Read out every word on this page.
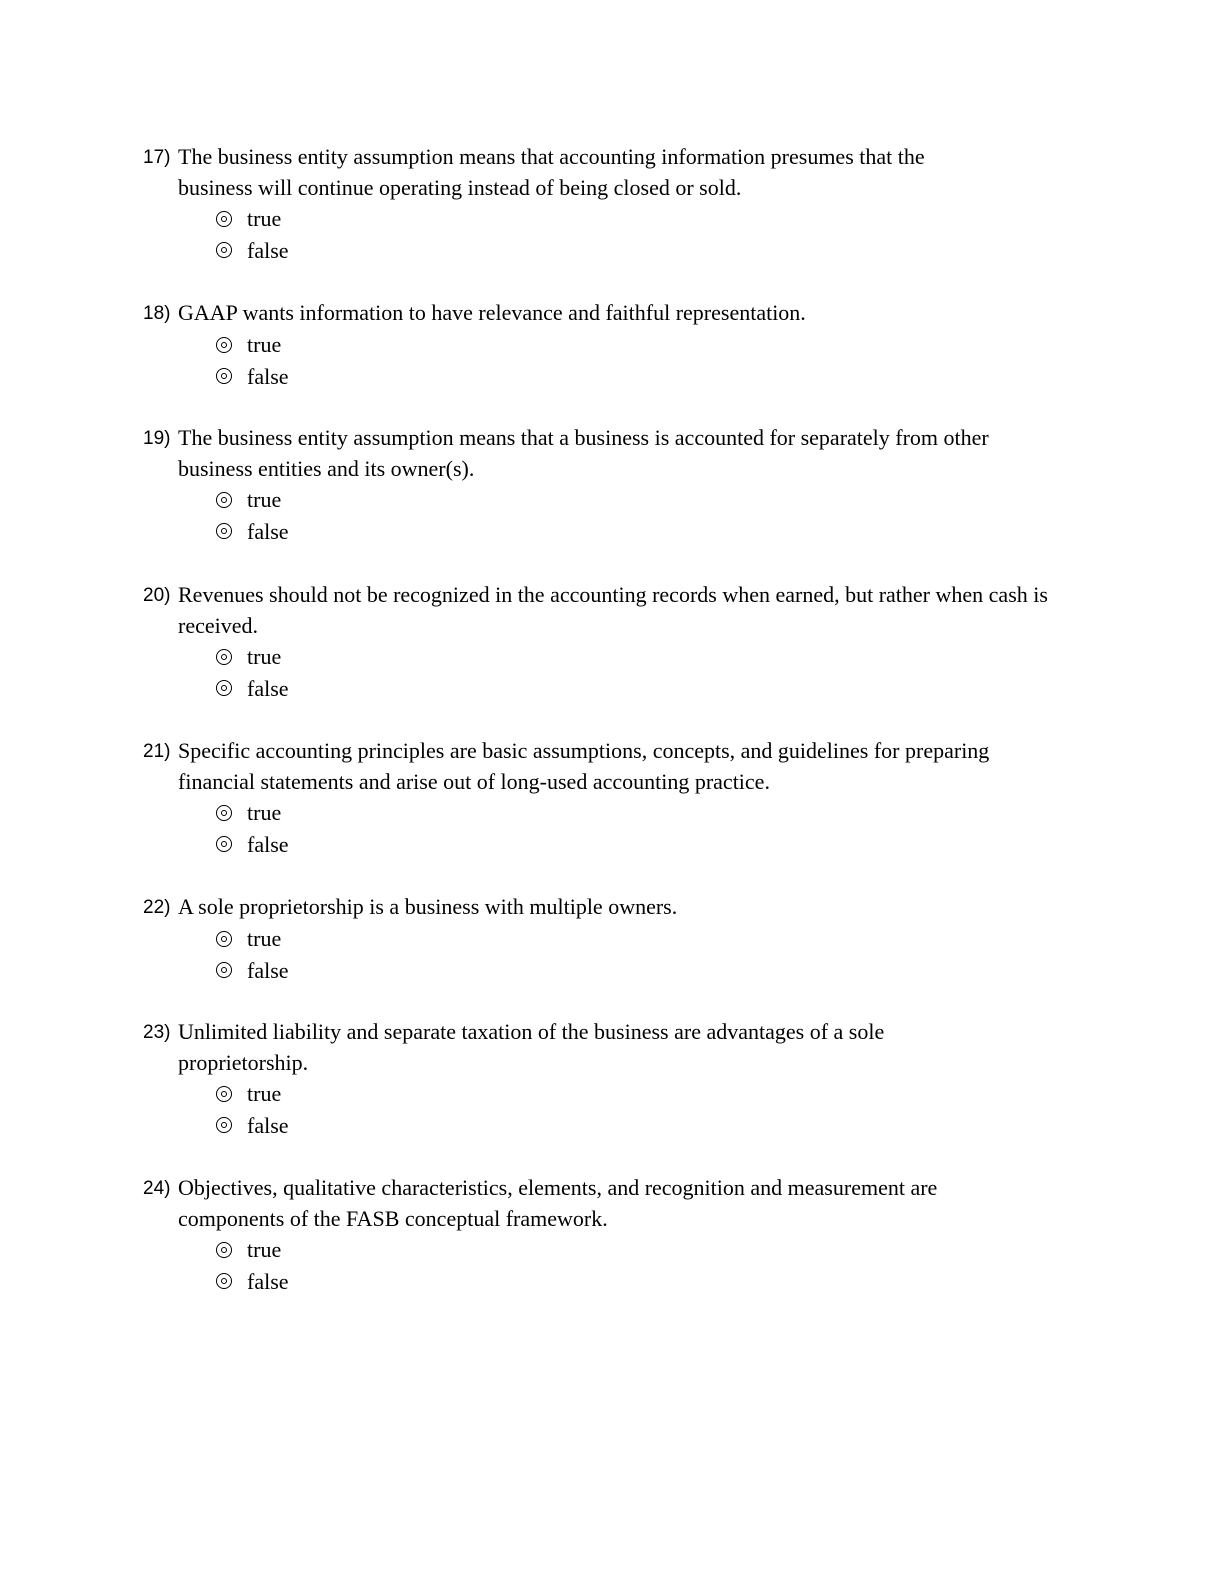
17) The business entity assumption means that accounting information presumes that the business will continue operating instead of being closed or sold.
true
false
18) GAAP wants information to have relevance and faithful representation.
true
false
19) The business entity assumption means that a business is accounted for separately from other business entities and its owner(s).
true
false
20) Revenues should not be recognized in the accounting records when earned, but rather when cash is received.
true
false
21) Specific accounting principles are basic assumptions, concepts, and guidelines for preparing financial statements and arise out of long-used accounting practice.
true
false
22) A sole proprietorship is a business with multiple owners.
true
false
23) Unlimited liability and separate taxation of the business are advantages of a sole proprietorship.
true
false
24) Objectives, qualitative characteristics, elements, and recognition and measurement are components of the FASB conceptual framework.
true
false
